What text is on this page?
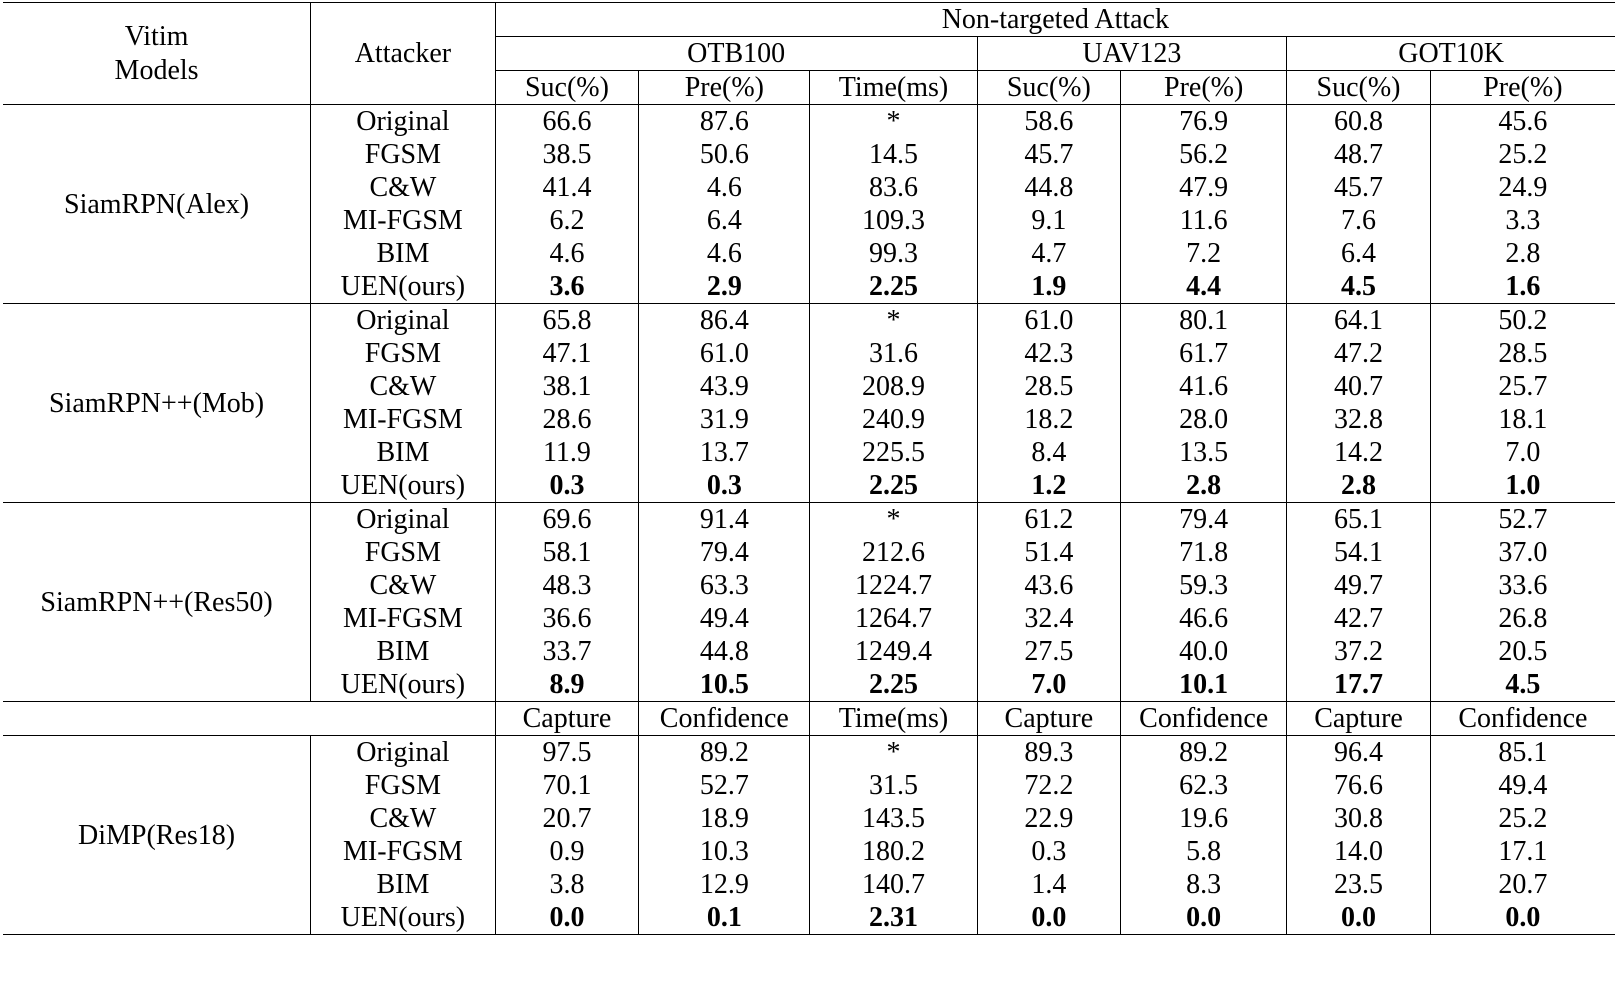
Vitim
Models	Attacker	Non-targeted Attack						
		OTB100			UAV123		GOT10K	
		Suc(%)	Pre(%)	Time(ms)	Suc(%)	Pre(%)	Suc(%)	Pre(%)
SiamRPN(Alex)	Original	66.6	87.6	*	58.6	76.9	60.8	45.6
	FGSM	38.5	50.6	14.5	45.7	56.2	48.7	25.2
	C&W	41.4	4.6	83.6	44.8	47.9	45.7	24.9
	MI-FGSM	6.2	6.4	109.3	9.1	11.6	7.6	3.3
	BIM	4.6	4.6	99.3	4.7	7.2	6.4	2.8
	UEN(ours)	3.6	2.9	2.25	1.9	4.4	4.5	1.6
SiamRPN++(Mob)	Original	65.8	86.4	*	61.0	80.1	64.1	50.2
	FGSM	47.1	61.0	31.6	42.3	61.7	47.2	28.5
	C&W	38.1	43.9	208.9	28.5	41.6	40.7	25.7
	MI-FGSM	28.6	31.9	240.9	18.2	28.0	32.8	18.1
	BIM	11.9	13.7	225.5	8.4	13.5	14.2	7.0
	UEN(ours)	0.3	0.3	2.25	1.2	2.8	2.8	1.0
SiamRPN++(Res50)	Original	69.6	91.4	*	61.2	79.4	65.1	52.7
	FGSM	58.1	79.4	212.6	51.4	71.8	54.1	37.0
	C&W	48.3	63.3	1224.7	43.6	59.3	49.7	33.6
	MI-FGSM	36.6	49.4	1264.7	32.4	46.6	42.7	26.8
	BIM	33.7	44.8	1249.4	27.5	40.0	37.2	20.5
	UEN(ours)	8.9	10.5	2.25	7.0	10.1	17.7	4.5
		Capture	Confidence	Time(ms)	Capture	Confidence	Capture	Confidence
DiMP(Res18)	Original	97.5	89.2	*	89.3	89.2	96.4	85.1
	FGSM	70.1	52.7	31.5	72.2	62.3	76.6	49.4
	C&W	20.7	18.9	143.5	22.9	19.6	30.8	25.2
	MI-FGSM	0.9	10.3	180.2	0.3	5.8	14.0	17.1
	BIM	3.8	12.9	140.7	1.4	8.3	23.5	20.7
	UEN(ours)	0.0	0.1	2.31	0.0	0.0	0.0	0.0
